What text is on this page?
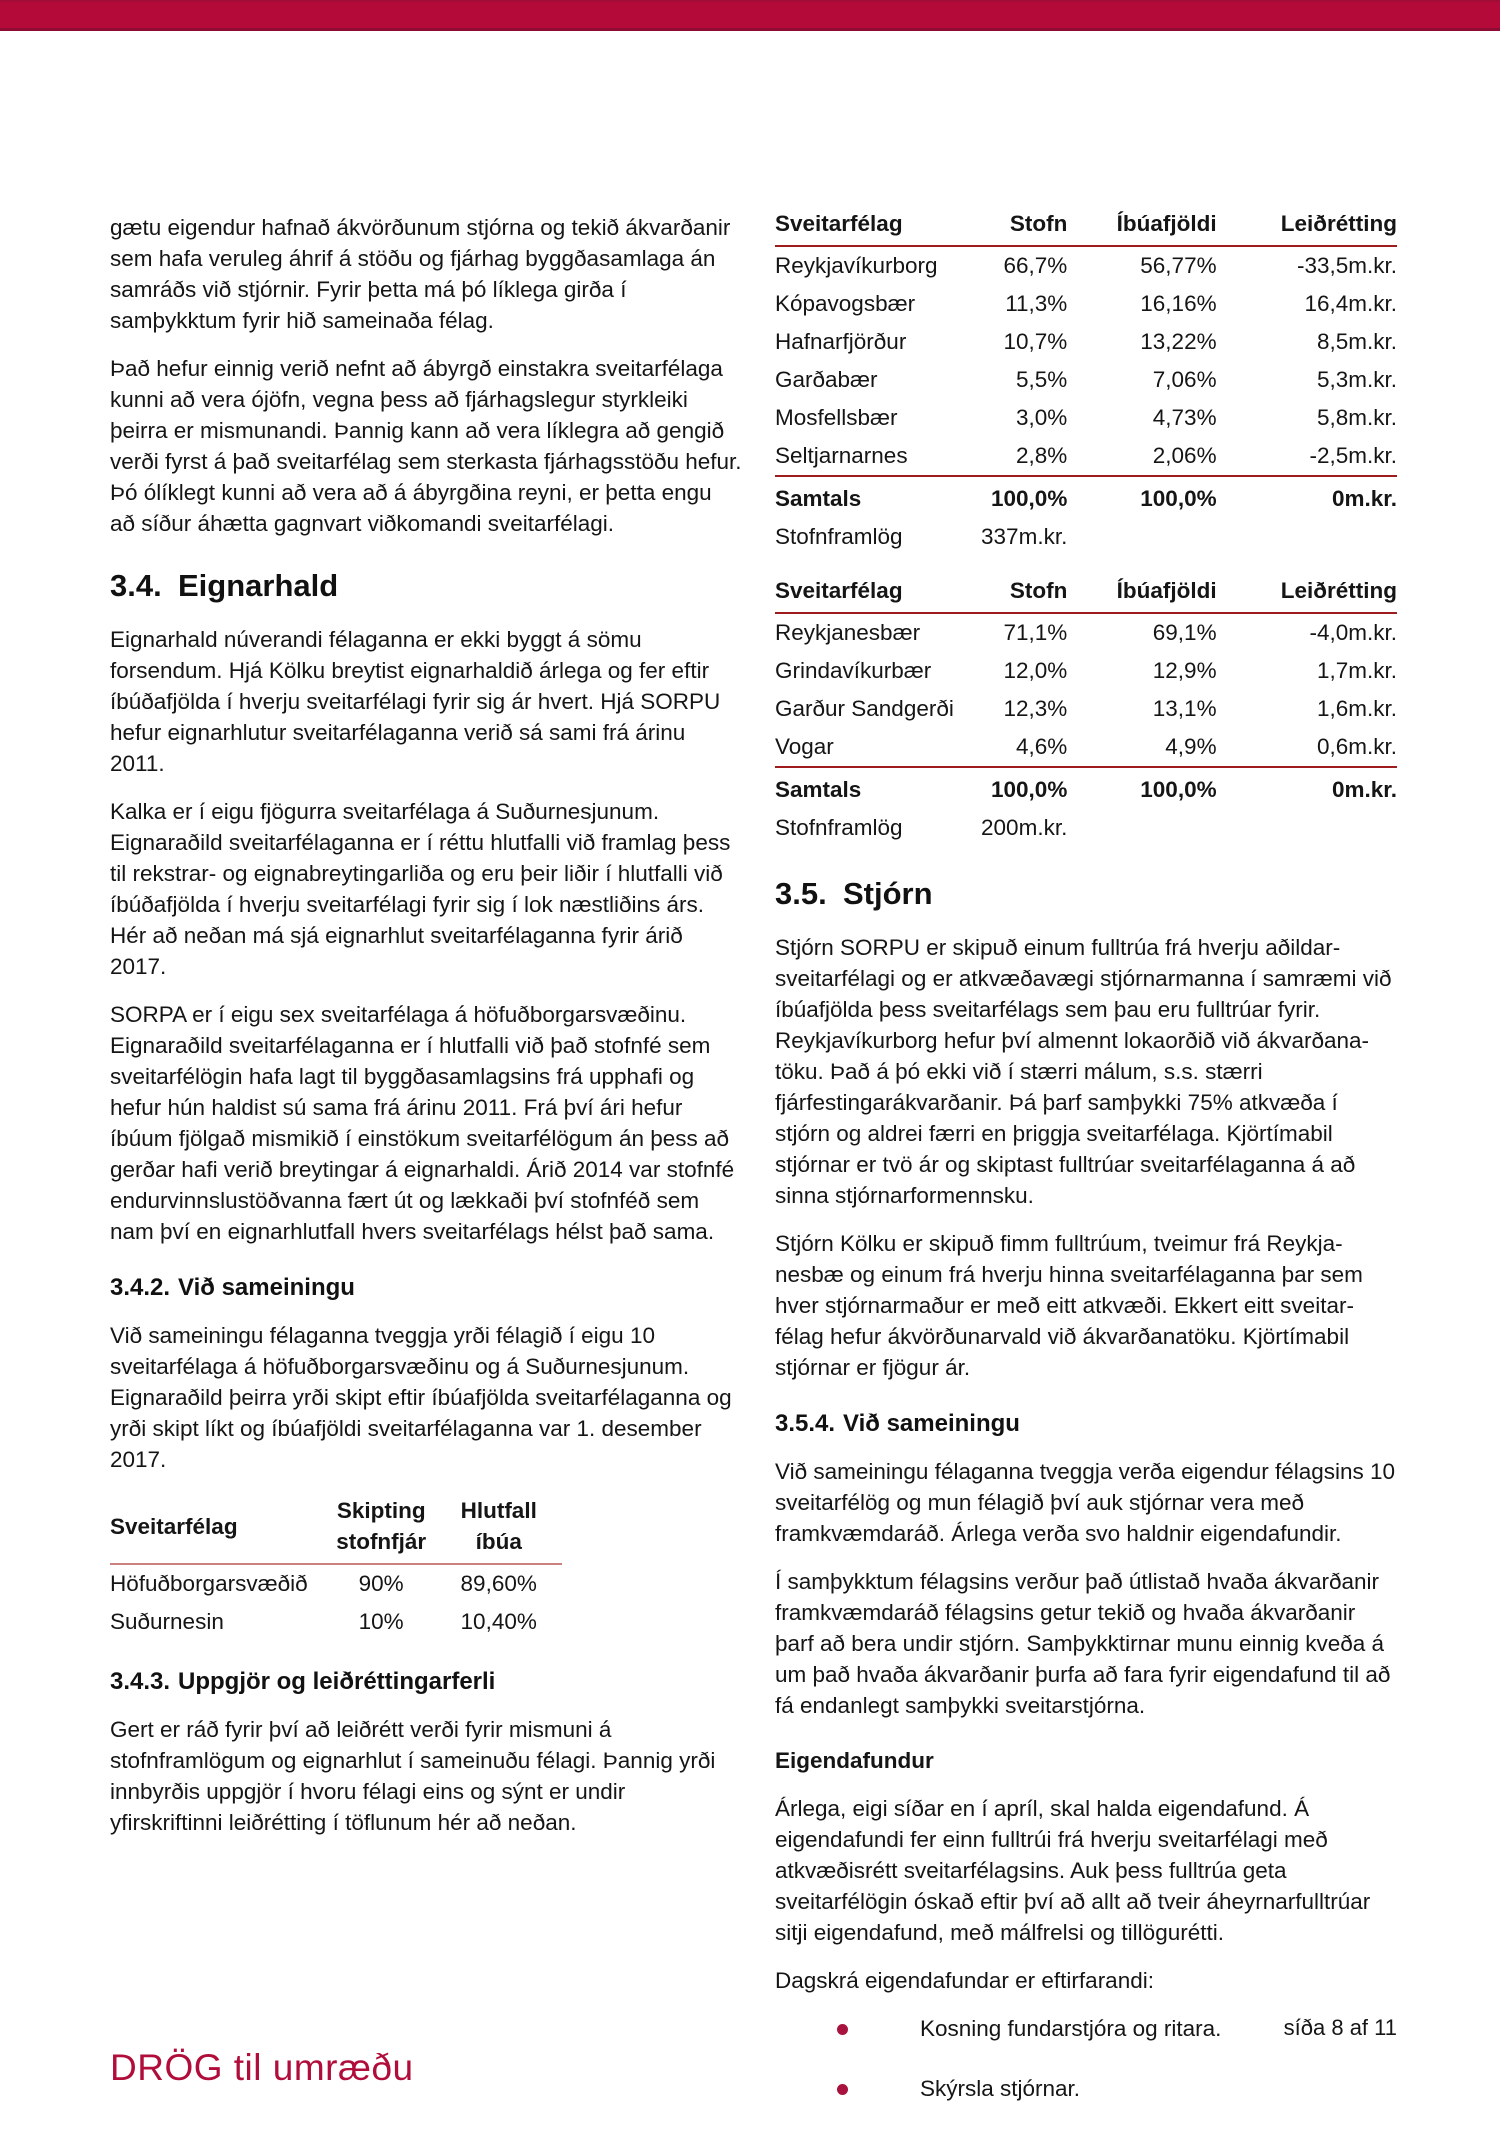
gætu eigendur hafnað ákvörðunum stjórna og tekið ákvarðanir sem hafa veruleg áhrif á stöðu og fjárhag byggðasamlaga án samráðs við stjórnir. Fyrir þetta má þó líklega girða í samþykktum fyrir hið sameinaða félag.

Það hefur einnig verið nefnt að ábyrgð einstakra sveitarfélaga kunni að vera ójöfn, vegna þess að fjárhagslegur styrkleiki þeirra er mismunandi. Þannig kann að vera líklegra að gengið verði fyrst á það sveitarfélag sem sterkasta fjárhagsstöðu hefur. Þó ólíklegt kunni að vera að á ábyrgðina reyni, er þetta engu að síður áhætta gagnvart viðkomandi sveitarfélagi.

3.4. Eignarhald

Eignarhald núverandi félaganna er ekki byggt á sömu forsendum. Hjá Kölku breytist eignarhaldið árlega og fer eftir íbúðafjölda í hverju sveitarfélagi fyrir sig ár hvert. Hjá SORPU hefur eignarhlutur sveitarfélaganna verið sá sami frá árinu 2011.

Kalka er í eigu fjögurra sveitarfélaga á Suðurnesjunum. Eignaraðild sveitarfélaganna er í réttu hlutfalli við framlag þess til rekstrar- og eignabreytingarliða og eru þeir liðir í hlutfalli við íbúðafjölda í hverju sveitarfélagi fyrir sig í lok næstliðins árs. Hér að neðan má sjá eignarhlut sveitarfélaganna fyrir árið 2017.

SORPA er í eigu sex sveitarfélaga á höfuðborgarsvæðinu. Eignaraðild sveitarfélaganna er í hlutfalli við það stofnfé sem sveitarfélögin hafa lagt til byggðasamlagsins frá upphafi og hefur hún haldist sú sama frá árinu 2011. Frá því ári hefur íbúum fjölgað mismikið í einstökum sveitarfélögum án þess að gerðar hafi verið breytingar á eignarhaldi. Árið 2014 var stofnfé endurvinnslustöðvanna fært út og lækkaði því stofnféð sem nam því en eignarhlutfall hvers sveitarfélags hélst það sama.

3.4.2. Við sameiningu

Við sameiningu félaganna tveggja yrði félagið í eigu 10 sveitarfélaga á höfuðborgarsvæðinu og á Suðurnesjunum. Eignaraðild þeirra yrði skipt eftir íbúafjölda sveitarfélaganna og yrði skipt líkt og íbúafjöldi sveitarfélaganna var 1. desember 2017.

Sveitarfélag	Skipting stofnfjár	Hlutfall íbúa
Höfuðborgarsvæðið	90%	89,60%
Suðurnesin	10%	10,40%
3.4.3. Uppgjör og leiðréttingarferli

Gert er ráð fyrir því að leiðrétt verði fyrir mismuni á stofnframlögum og eignarhlut í sameinuðu félagi. Þannig yrði innbyrðis uppgjör í hvoru félagi eins og sýnt er undir yfirskriftinni leiðrétting í töflunum hér að neðan.

Sveitarfélag	Stofn	Íbúafjöldi	Leiðrétting
Reykjavíkurborg	66,7%	56,77%	-33,5m.kr.
Kópavogsbær	11,3%	16,16%	16,4m.kr.
Hafnarfjörður	10,7%	13,22%	8,5m.kr.
Garðabær	5,5%	7,06%	5,3m.kr.
Mosfellsbær	3,0%	4,73%	5,8m.kr.
Seltjarnarnes	2,8%	2,06%	-2,5m.kr.
Samtals	100,0%	100,0%	0m.kr.
Stofnframlög	337m.kr.		
Sveitarfélag	Stofn	Íbúafjöldi	Leiðrétting
Reykjanesbær	71,1%	69,1%	-4,0m.kr.
Grindavíkurbær	12,0%	12,9%	1,7m.kr.
Garður Sandgerði	12,3%	13,1%	1,6m.kr.
Vogar	4,6%	4,9%	0,6m.kr.
Samtals	100,0%	100,0%	0m.kr.
Stofnframlög	200m.kr.		
3.5. Stjórn

Stjórn SORPU er skipuð einum fulltrúa frá hverju aðildar-sveitarfélagi og er atkvæðavægi stjórnarmanna í samræmi við íbúafjölda þess sveitarfélags sem þau eru fulltrúar fyrir. Reykjavíkurborg hefur því almennt lokaorðið við ákvarðana-töku. Það á þó ekki við í stærri málum, s.s. stærri fjárfestingarákvarðanir. Þá þarf samþykki 75% atkvæða í stjórn og aldrei færri en þriggja sveitarfélaga. Kjörtímabil stjórnar er tvö ár og skiptast fulltrúar sveitarfélaganna á að sinna stjórnarformennsku.

Stjórn Kölku er skipuð fimm fulltrúum, tveimur frá Reykja-nesbæ og einum frá hverju hinna sveitarfélaganna þar sem hver stjórnarmaður er með eitt atkvæði. Ekkert eitt sveitar-félag hefur ákvörðunarvald við ákvarðanatöku. Kjörtímabil stjórnar er fjögur ár.

3.5.4. Við sameiningu

Við sameiningu félaganna tveggja verða eigendur félagsins 10 sveitarfélög og mun félagið því auk stjórnar vera með framkvæmdaráð. Árlega verða svo haldnir eigendafundir.

Í samþykktum félagsins verður það útlistað hvaða ákvarðanir framkvæmdaráð félagsins getur tekið og hvaða ákvarðanir þarf að bera undir stjórn. Samþykktirnar munu einnig kveða á um það hvaða ákvarðanir þurfa að fara fyrir eigendafund til að fá endanlegt samþykki sveitarstjórna.

Eigendafundur

Árlega, eigi síðar en í apríl, skal halda eigendafund. Á eigendafundi fer einn fulltrúi frá hverju sveitarfélagi með atkvæðisrétt sveitarfélagsins. Auk þess fulltrúa geta sveitarfélögin óskað eftir því að allt að tveir áheyrnarfulltrúar sitji eigendafund, með málfrelsi og tillögurétti.

Dagskrá eigendafundar er eftirfarandi:

Kosning fundarstjóra og ritara.
Skýrsla stjórnar.
síða 8 af 11
DRÖG til umræðu
